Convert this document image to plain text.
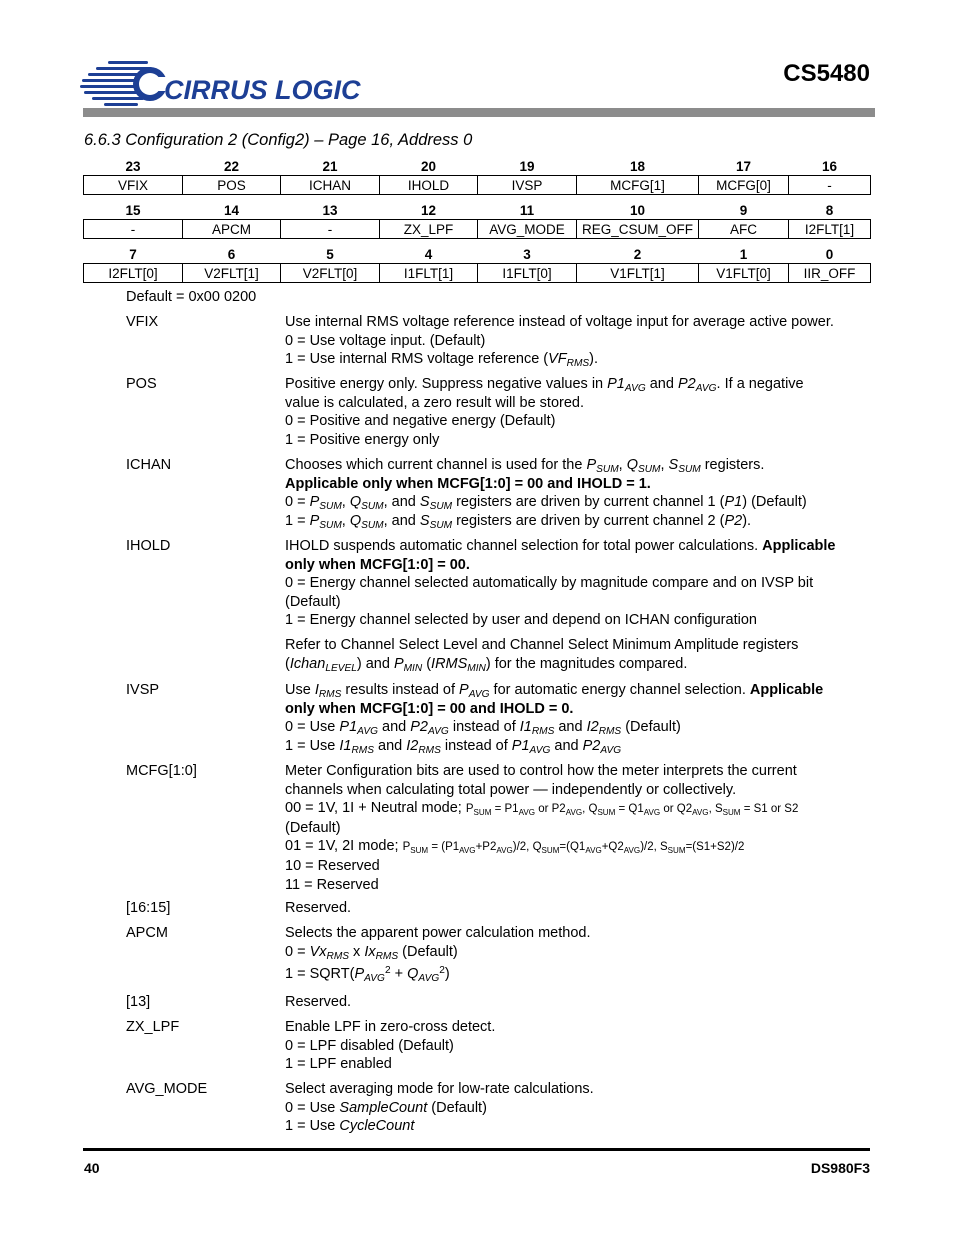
CIRRUS LOGIC
CS5480
6.6.3 Configuration 2 (Config2) – Page 16, Address 0
23	22	21	20	19	18	17	16
VFIX	POS	ICHAN	IHOLD	IVSP	MCFG[1]	MCFG[0]	-
15	14	13	12	11	10	9	8
-	APCM	-	ZX_LPF	AVG_MODE	REG_CSUM_OFF	AFC	I2FLT[1]
7	6	5	4	3	2	1	0
I2FLT[0]	V2FLT[1]	V2FLT[0]	I1FLT[1]	I1FLT[0]	V1FLT[1]	V1FLT[0]	IIR_OFF
Default = 0x00 0200
VFIX	Use internal RMS voltage reference instead of voltage input for average active power.
0 = Use voltage input. (Default)
1 = Use internal RMS voltage reference $(VF_{RMS})$.
POS	Positive energy only. Suppress negative values in $P1_{AVG}$ and $P2_{AVG}$. If a negative
value is calculated, a zero result will be stored.
0 = Positive and negative energy (Default)
1 = Positive energy only
ICHAN	Chooses which current channel is used for the $P_{SUM}$, $Q_{SUM}$, $S_{SUM}$ registers.
Applicable only when MCFG[1:0] = 00 and IHOLD = 1.
$0 = P_{SUM}$, $Q_{SUM}$, and $S_{SUM}$ registers are driven by current channel 1 (P1) (Default)
$1 = P_{SUM}$, $Q_{SUM}$, and $S_{SUM}$ registers are driven by current channel 2 (P2).
IHOLD	IHOLD suspends automatic channel selection for total power calculations. Applicable
only when MCFG[1:0] = 00.
0 = Energy channel selected automatically by magnitude compare and on IVSP bit
(Default)
1 = Energy channel selected by user and depend on ICHAN configuration
Refer to Channel Select Level and Channel Select Minimum Amplitude registers
(Ichan$_{LEVEL}$) and $P_{MIN}$ $(IRMS_{MIN})$ for the magnitudes compared.
IVSP	Use $I_{RMS}$ results instead of $P_{AVG}$ for automatic energy channel selection. Applicable
only when MCFG[1:0] = 00 and IHOLD = 0.
0 = Use $P1_{AVG}$ and $P2_{AVG}$ instead of $I1_{RMS}$ and $I2_{RMS}$ (Default)
1 = Use $I1_{RMS}$ and $I2_{RMS}$ instead of $P1_{AVG}$ and $P2_{AVG}$
MCFG[1:0]	Meter Configuration bits are used to control how the meter interprets the current
channels when calculating total power — independently or collectively.
00 = 1V, 1I + Neutral mode; $P_{SUM} = P1_{AVG}$ or $P2_{AVG}$, $Q_{SUM} = Q1_{AVG}$ or $Q2_{AVG}$, $S_{SUM} = S1$ or S2
(Default)
01 = 1V, 2I mode; $P_{SUM} = (P1_{AVG}+P2_{AVG})/2$, $Q_{SUM}=(Q1_{AVG}+Q2_{AVG})/2$, $S_{SUM}=(S1+S2)/2$
10 = Reserved
11 = Reserved
[16:15]	Reserved.
APCM	Selects the apparent power calculation method.
$0 = Vx_{RMS}$ x $Ix_{RMS}$ (Default)
$1 = SQRT(P_{AVG}^2 + Q_{AVG}^2)$
[13]	Reserved.
ZX_LPF	Enable LPF in zero-cross detect.
0 = LPF disabled (Default)
1 = LPF enabled
AVG_MODE	Select averaging mode for low-rate calculations.
0 = Use SampleCount (Default)
1 = Use CycleCount
40	DS980F3
